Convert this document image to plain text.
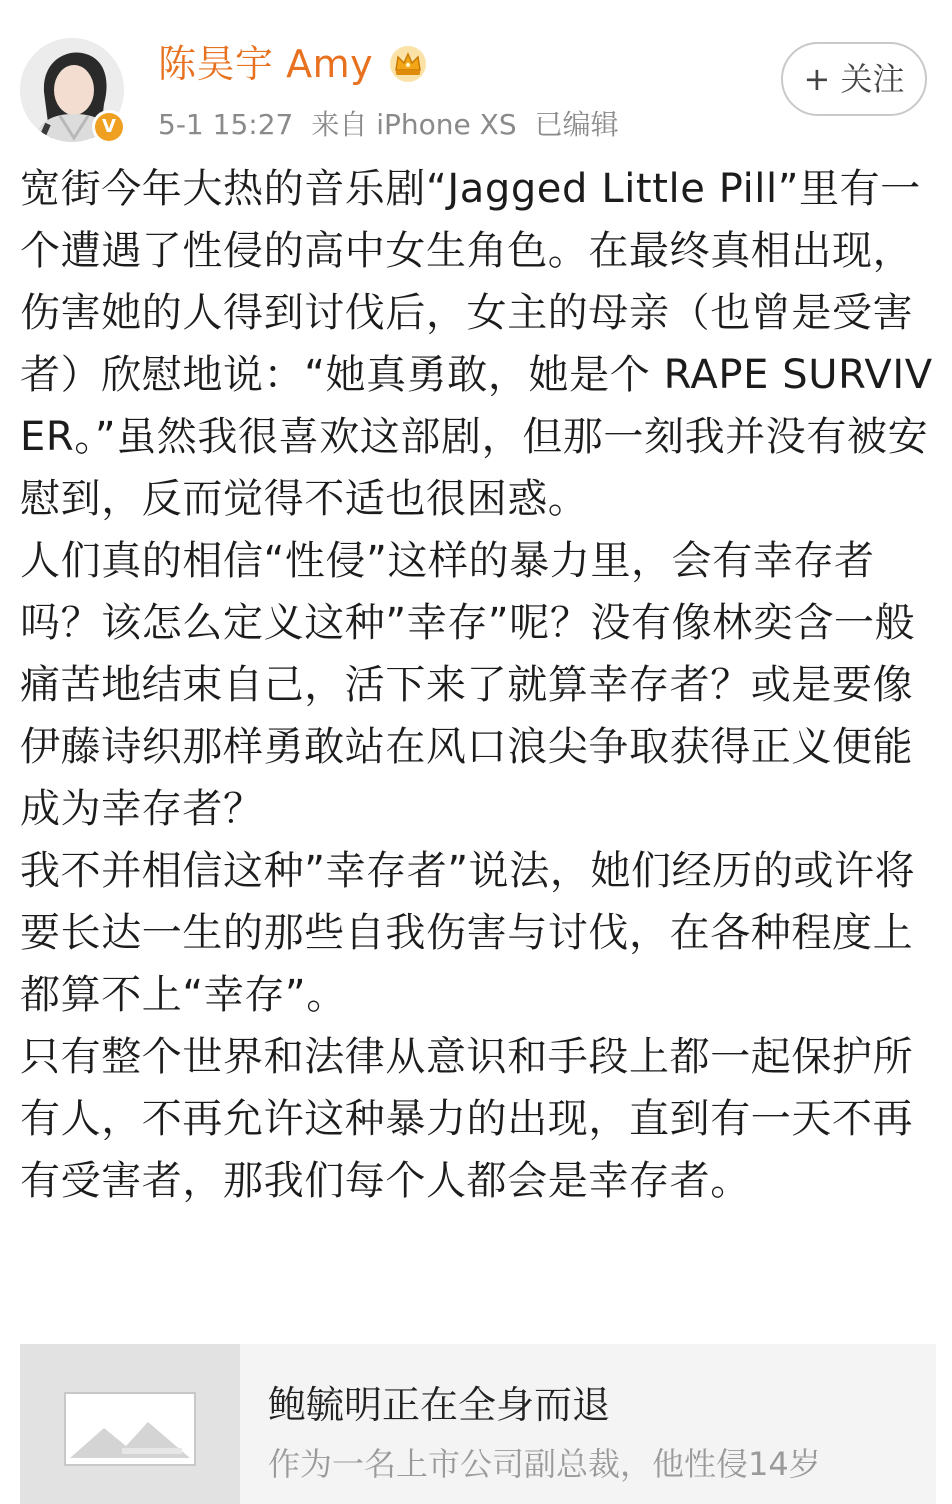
V
陈昊宇 Amy
5-1 15:27 来自 iPhone XS 已编辑
+ 关注

宽街今年大热的音乐剧“Jagged Little Pill”里有一个遭遇了性侵的高中女生角色。在最终真相出现，伤害她的人得到讨伐后，女主的母亲（也曾是受害者）欣慰地说：“她真勇敢，她是个 RAPE SURVIVER。”虽然我很喜欢这部剧，但那一刻我并没有被安慰到，反而觉得不适也很困惑。

人们真的相信“性侵”这样的暴力里，会有幸存者吗？该怎么定义这种”幸存”呢？没有像林奕含一般痛苦地结束自己，活下来了就算幸存者？或是要像伊藤诗织那样勇敢站在风口浪尖争取获得正义便能成为幸存者？

我不并相信这种”幸存者”说法，她们经历的或许将要长达一生的那些自我伤害与讨伐，在各种程度上都算不上“幸存”。

只有整个世界和法律从意识和手段上都一起保护所有人，不再允许这种暴力的出现，直到有一天不再有受害者，那我们每个人都会是幸存者。

鲍毓明正在全身而退
作为一名上市公司副总裁，他性侵14岁
